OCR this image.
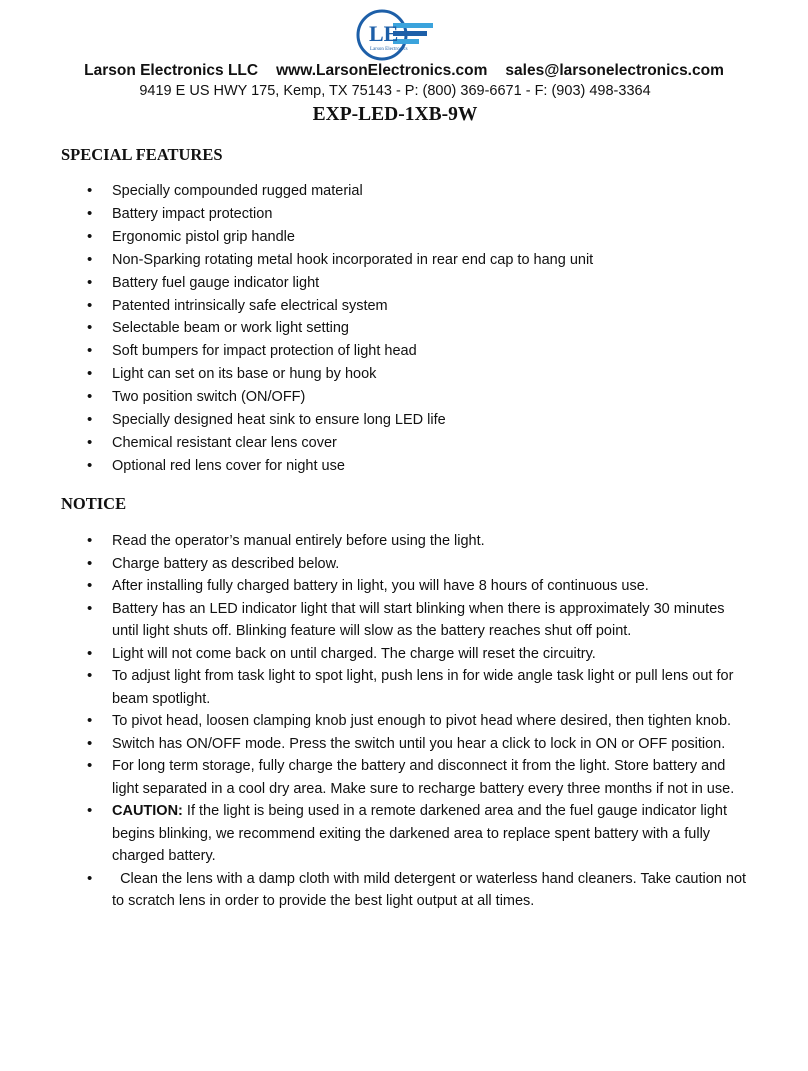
LE
Larson Electronics
Larson Electronics LLC www.LarsonElectronics.com sales@larsonelectronics.com
9419 E US HWY 175, Kemp, TX 75143 - P: (800) 369-6671 - F: (903) 498-3364
EXP-LED-1XB-9W
SPECIAL FEATURES
• Specially compounded rugged material
• Battery impact protection
• Ergonomic pistol grip handle
• Non-Sparking rotating metal hook incorporated in rear end cap to hang unit
• Battery fuel gauge indicator light
• Patented intrinsically safe electrical system
• Selectable beam or work light setting
• Soft bumpers for impact protection of light head
• Light can set on its base or hung by hook
• Two position switch (ON/OFF)
• Specially designed heat sink to ensure long LED life
• Chemical resistant clear lens cover
• Optional red lens cover for night use
NOTICE
• Read the operator’s manual entirely before using the light.
• Charge battery as described below.
• After installing fully charged battery in light, you will have 8 hours of continuous use.
• Battery has an LED indicator light that will start blinking when there is approximately 30 minutes until light shuts off. Blinking feature will slow as the battery reaches shut off point.
• Light will not come back on until charged. The charge will reset the circuitry.
• To adjust light from task light to spot light, push lens in for wide angle task light or pull lens out for beam spotlight.
• To pivot head, loosen clamping knob just enough to pivot head where desired, then tighten knob.
• Switch has ON/OFF mode. Press the switch until you hear a click to lock in ON or OFF position.
• For long term storage, fully charge the battery and disconnect it from the light. Store battery and light separated in a cool dry area. Make sure to recharge battery every three months if not in use.
• CAUTION: If the light is being used in a remote darkened area and the fuel gauge indicator light begins blinking, we recommend exiting the darkened area to replace spent battery with a fully charged battery.
•   Clean the lens with a damp cloth with mild detergent or waterless hand cleaners. Take caution not to scratch lens in order to provide the best light output at all times.
